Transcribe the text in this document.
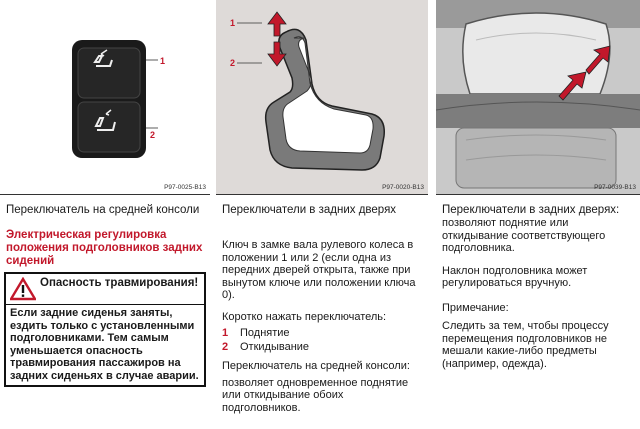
1
2
P97-0025-B13
Переключатель на средней консоли
Электрическая регулировка положения подголовников задних сидений
Опасность травмирования!
Если задние сиденья заняты, ездить только с установленными подголовниками. Тем самым уменьшается опасность травмирования пассажиров на задних сиденьях в случае аварии.
1
2
P97-0020-B13
Переключатели в задних дверях

Ключ в замке вала рулевого колеса в положении 1 или 2 (если одна из передних дверей открыта, также при вынутом ключе или положении ключа 0).

Коротко нажать переключатель:

1	Поднятие
2	Откидывание

Переключатель на средней консоли:

позволяет одновременное поднятие или откидывание обоих подголовников.

P97-0039-B13
Переключатели в задних дверях:

позволяют поднятие или откидывание соответствующего подголовника.

Наклон подголовника может регулироваться вручную.

Примечание:

Следить за тем, чтобы процессу перемещения подголовников не мешали какие-либо предметы (например, одежда).
